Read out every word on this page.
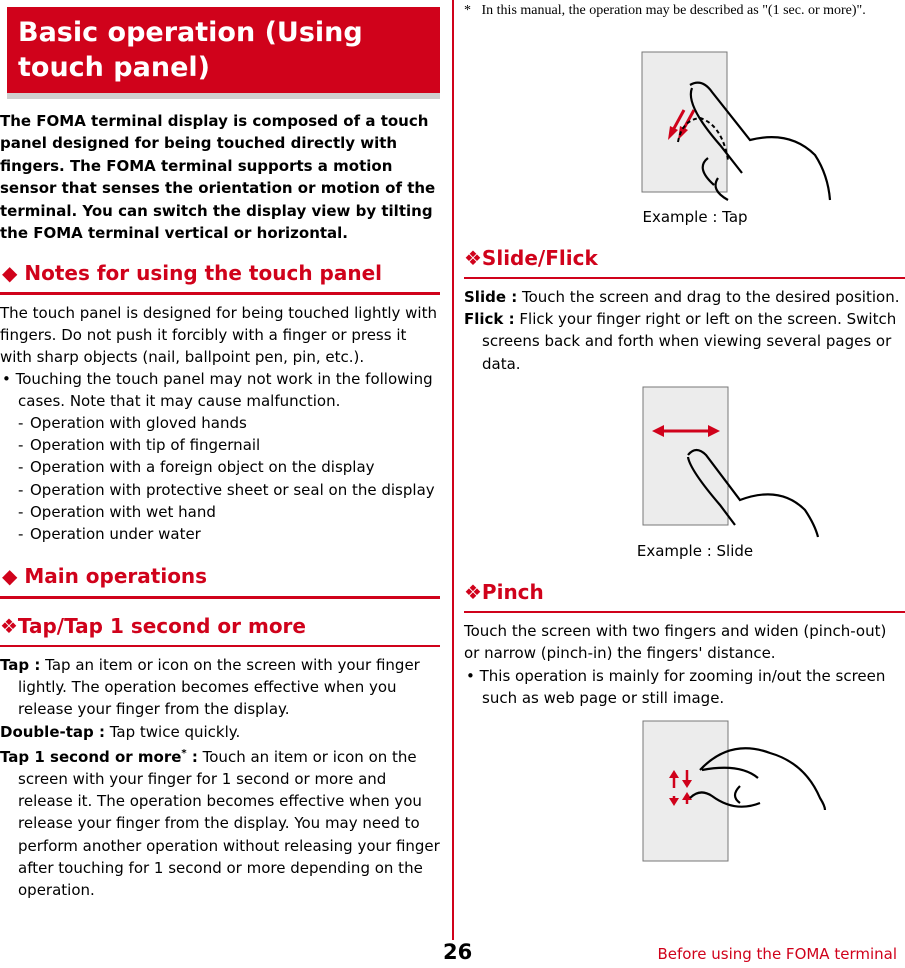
Basic operation (Using touch panel)
The FOMA terminal display is composed of a touch panel designed for being touched directly with fingers. The FOMA terminal supports a motion sensor that senses the orientation or motion of the terminal. You can switch the display view by tilting the FOMA terminal vertical or horizontal.
◆ Notes for using the touch panel
The touch panel is designed for being touched lightly with fingers. Do not push it forcibly with a finger or press it with sharp objects (nail, ballpoint pen, pin, etc.).
• Touching the touch panel may not work in the following cases. Note that it may cause malfunction.
- Operation with gloved hands
- Operation with tip of fingernail
- Operation with a foreign object on the display
- Operation with protective sheet or seal on the display
- Operation with wet hand
- Operation under water
◆ Main operations
❖Tap/Tap 1 second or more

Tap : Tap an item or icon on the screen with your finger lightly. The operation becomes effective when you release your finger from the display.

Double-tap : Tap twice quickly.

Tap 1 second or more* : Touch an item or icon on the screen with your finger for 1 second or more and release it. The operation becomes effective when you release your finger from the display. You may need to perform another operation without releasing your finger after touching for 1 second or more depending on the operation.

*   In this manual, the operation may be described as "(1 sec. or more)".
Example : Tap
❖Slide/Flick

Slide : Touch the screen and drag to the desired position.

Flick : Flick your finger right or left on the screen. Switch screens back and forth when viewing several pages or data.

Example : Slide
❖Pinch
Touch the screen with two fingers and widen (pinch-out) or narrow (pinch-in) the fingers' distance.
• This operation is mainly for zooming in/out the screen such as web page or still image.
26	Before using the FOMA terminal
